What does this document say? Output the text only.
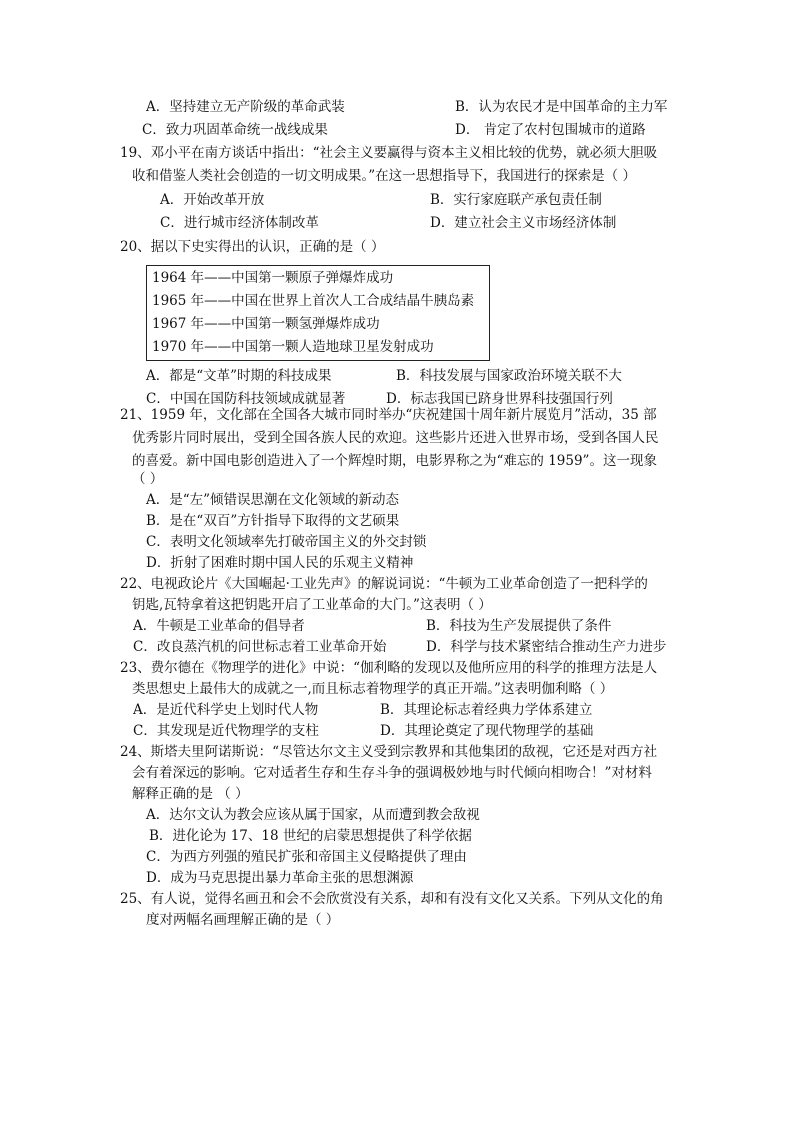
A．坚持建立无产阶级的革命武装	B．认为农民才是中国革命的主力军
C．致力巩固革命统一战线成果	D． 肯定了农村包围城市的道路
19、邓小平在南方谈话中指出：“社会主义要赢得与资本主义相比较的优势，就必须大胆吸
收和借鉴人类社会创造的一切文明成果。”在这一思想指导下，我国进行的探索是（ ）
A．开始改革开放	B．实行家庭联产承包责任制
C．进行城市经济体制改革	D．建立社会主义市场经济体制
20、据以下史实得出的认识，正确的是（ ）
1964 年——中国第一颗原子弹爆炸成功
1965 年——中国在世界上首次人工合成结晶牛胰岛素
1967 年——中国第一颗氢弹爆炸成功
1970 年——中国第一颗人造地球卫星发射成功
A．都是“文革”时期的科技成果	B．科技发展与国家政治环境关联不大
C．中国在国防科技领域成就显著	D．标志我国已跻身世界科技强国行列
21、1959 年，文化部在全国各大城市同时举办“庆祝建国十周年新片展览月”活动，35 部
优秀影片同时展出，受到全国各族人民的欢迎。这些影片还进入世界市场，受到各国人民
的喜爱。新中国电影创造进入了一个辉煌时期，电影界称之为“难忘的 1959”。这一现象
（ ）
A．是“左”倾错误思潮在文化领域的新动态
B．是在“双百”方针指导下取得的文艺硕果
C．表明文化领域率先打破帝国主义的外交封锁
D．折射了困难时期中国人民的乐观主义精神
22、电视政论片《大国崛起·工业先声》的解说词说：“牛顿为工业革命创造了一把科学的
钥匙,瓦特拿着这把钥匙开启了工业革命的大门。”这表明（ ）
A．牛顿是工业革命的倡导者	B．科技为生产发展提供了条件
C．改良蒸汽机的问世标志着工业革命开始	D．科学与技术紧密结合推动生产力进步
23、费尔德在《物理学的进化》中说：“伽利略的发现以及他所应用的科学的推理方法是人
类思想史上最伟大的成就之一,而且标志着物理学的真正开端。”这表明伽利略（ ）
A．是近代科学史上划时代人物	B．其理论标志着经典力学体系建立
C．其发现是近代物理学的支柱	D．其理论奠定了现代物理学的基础
24、斯塔夫里阿诺斯说：“尽管达尔文主义受到宗教界和其他集团的敌视，它还是对西方社
会有着深远的影响。它对适者生存和生存斗争的强调极妙地与时代倾向相吻合！”对材料
解释正确的是 （ ）
A．达尔文认为教会应该从属于国家，从而遭到教会敌视
B．进化论为 17、18 世纪的启蒙思想提供了科学依据
C．为西方列强的殖民扩张和帝国主义侵略提供了理由
D．成为马克思提出暴力革命主张的思想渊源
25、有人说，觉得名画丑和会不会欣赏没有关系，却和有没有文化又关系。下列从文化的角
度对两幅名画理解正确的是（ ）
